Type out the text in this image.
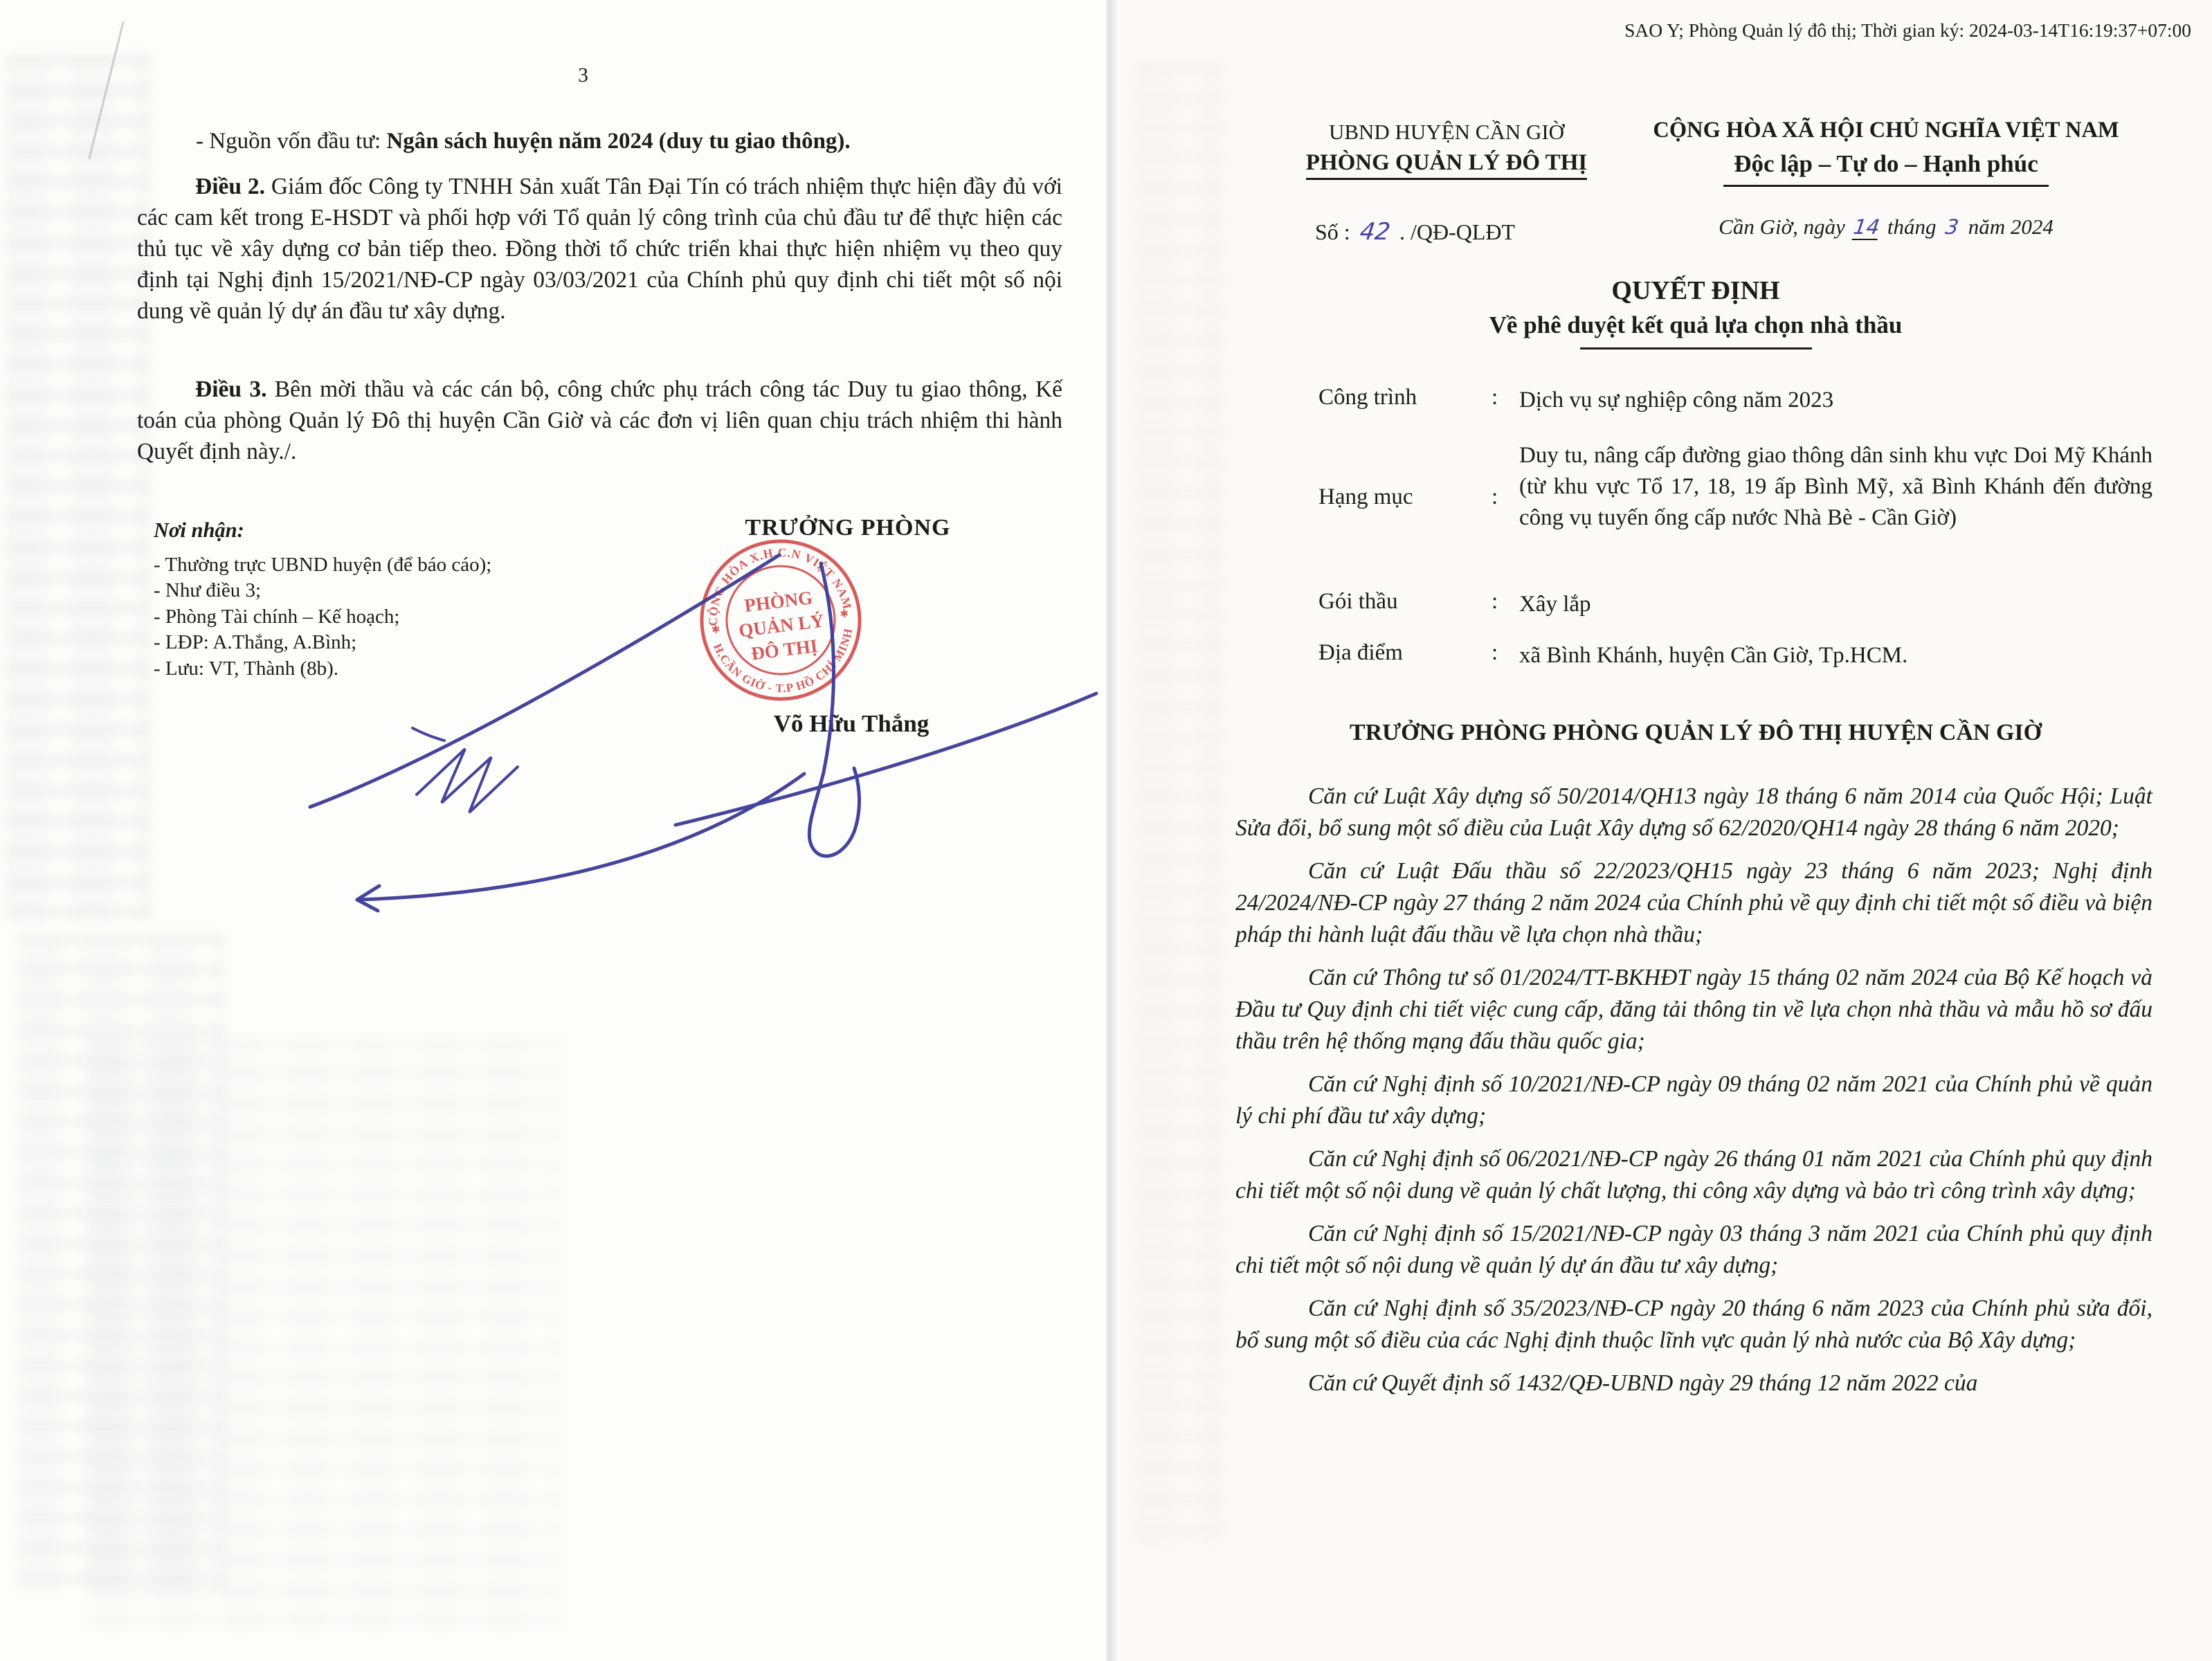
3
- Nguồn vốn đầu tư: Ngân sách huyện năm 2024 (duy tu giao thông).
Điều 2. Giám đốc Công ty TNHH Sản xuất Tân Đại Tín có trách nhiệm thực hiện đầy đủ với các cam kết trong E-HSDT và phối hợp với Tổ quản lý công trình của chủ đầu tư để thực hiện các thủ tục về xây dựng cơ bản tiếp theo. Đồng thời tổ chức triển khai thực hiện nhiệm vụ theo quy định tại Nghị định 15/2021/NĐ-CP ngày 03/03/2021 của Chính phủ quy định chi tiết một số nội dung về quản lý dự án đầu tư xây dựng.
Điều 3. Bên mời thầu và các cán bộ, công chức phụ trách công tác Duy tu giao thông, Kế toán của phòng Quản lý Đô thị huyện Cần Giờ và các đơn vị liên quan chịu trách nhiệm thi hành Quyết định này./.
Nơi nhận:
- Thường trực UBND huyện (để báo cáo);
- Như điều 3;
- Phòng Tài chính – Kế hoạch;
- LĐP: A.Thắng, A.Bình;
- Lưu: VT, Thành (8b).
TRƯỞNG PHÒNG
CỘNG HÒA X.H.C.N VIỆT NAM
H.CẦN GIỜ - T.P HỒ CHÍ MINH
✱
✱
PHÒNG
QUẢN LÝ
ĐÔ THỊ
Võ Hữu Thắng
SAO Y; Phòng Quản lý đô thị; Thời gian ký: 2024-03-14T16:19:37+07:00
UBND HUYỆN CẦN GIỜ
PHÒNG QUẢN LÝ ĐÔ THỊ
Số : 42 . /QĐ-QLĐT
CỘNG HÒA XÃ HỘI CHỦ NGHĨA VIỆT NAM
Độc lập – Tự do – Hạnh phúc
Cần Giờ, ngày 14 tháng 3 năm 2024
QUYẾT ĐỊNH
Về phê duyệt kết quả lựa chọn nhà thầu
Công trình	: Dịch vụ sự nghiệp công năm 2023
Hạng mục	:
Duy tu, nâng cấp đường giao thông dân sinh khu vực Doi Mỹ Khánh (từ khu vực Tổ 17, 18, 19 ấp Bình Mỹ, xã Bình Khánh đến đường công vụ tuyến ống cấp nước Nhà Bè - Cần Giờ)
Gói thầu	: Xây lắp
Địa điểm	: xã Bình Khánh, huyện Cần Giờ, Tp.HCM.
TRƯỞNG PHÒNG PHÒNG QUẢN LÝ ĐÔ THỊ HUYỆN CẦN GIỜ

Căn cứ Luật Xây dựng số 50/2014/QH13 ngày 18 tháng 6 năm 2014 của Quốc Hội; Luật Sửa đổi, bổ sung một số điều của Luật Xây dựng số 62/2020/QH14 ngày 28 tháng 6 năm 2020;

Căn cứ Luật Đấu thầu số 22/2023/QH15 ngày 23 tháng 6 năm 2023; Nghị định 24/2024/NĐ-CP ngày 27 tháng 2 năm 2024 của Chính phủ về quy định chi tiết một số điều và biện pháp thi hành luật đấu thầu về lựa chọn nhà thầu;

Căn cứ Thông tư số 01/2024/TT-BKHĐT ngày 15 tháng 02 năm 2024 của Bộ Kế hoạch và Đầu tư Quy định chi tiết việc cung cấp, đăng tải thông tin về lựa chọn nhà thầu và mẫu hồ sơ đấu thầu trên hệ thống mạng đấu thầu quốc gia;

Căn cứ Nghị định số 10/2021/NĐ-CP ngày 09 tháng 02 năm 2021 của Chính phủ về quản lý chi phí đầu tư xây dựng;

Căn cứ Nghị định số 06/2021/NĐ-CP ngày 26 tháng 01 năm 2021 của Chính phủ quy định chi tiết một số nội dung về quản lý chất lượng, thi công xây dựng và bảo trì công trình xây dựng;

Căn cứ Nghị định số 15/2021/NĐ-CP ngày 03 tháng 3 năm 2021 của Chính phủ quy định chi tiết một số nội dung về quản lý dự án đầu tư xây dựng;

Căn cứ Nghị định số 35/2023/NĐ-CP ngày 20 tháng 6 năm 2023 của Chính phủ sửa đổi, bổ sung một số điều của các Nghị định thuộc lĩnh vực quản lý nhà nước của Bộ Xây dựng;

Căn cứ Quyết định số 1432/QĐ-UBND ngày 29 tháng 12 năm 2022 của
